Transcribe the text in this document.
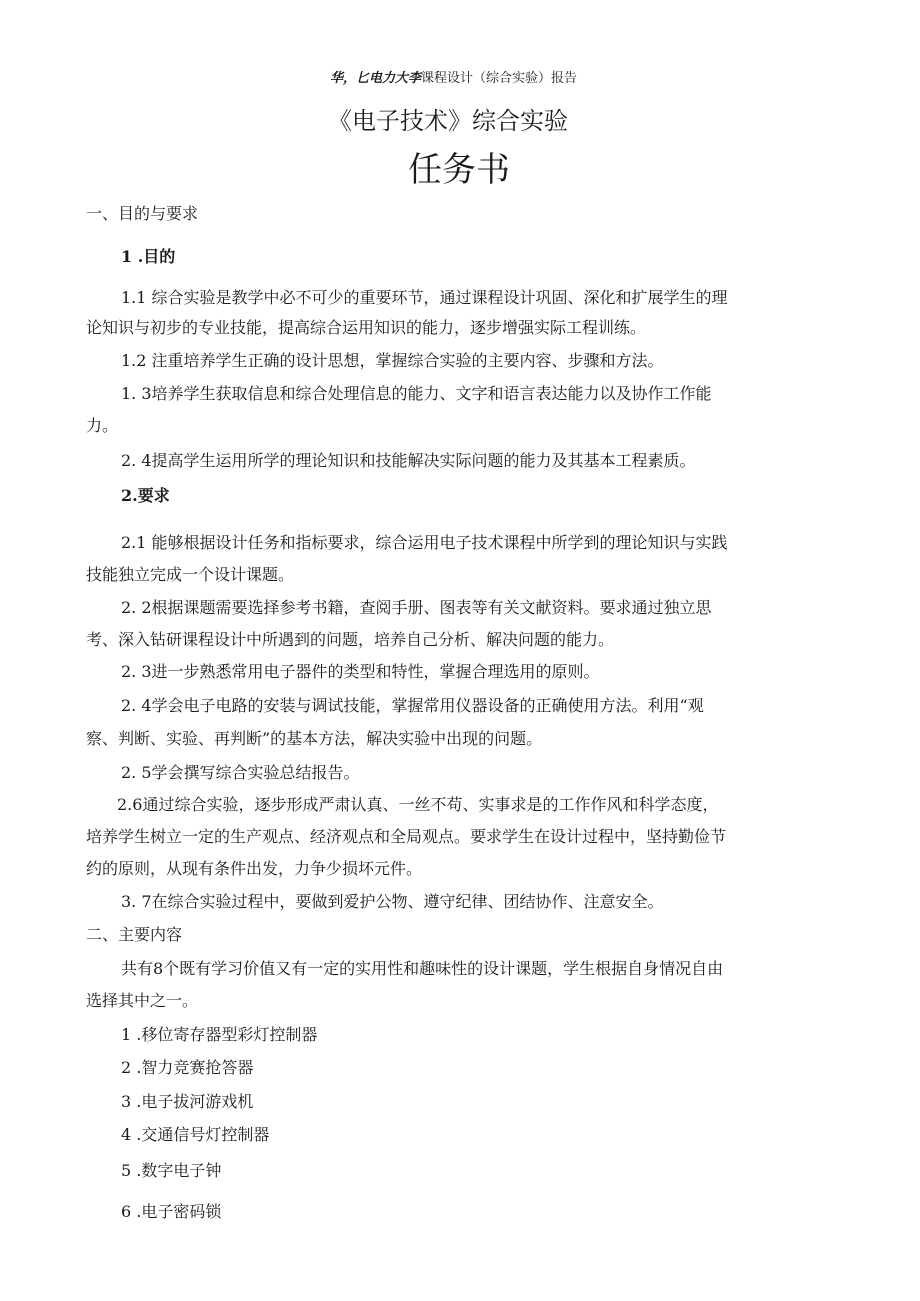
华，匕电力大李课程设计（综合实验）报告
《电子技术》综合实验
任务书
一、目的与要求
1 .目的
1.1 综合实验是教学中必不可少的重要环节，通过课程设计巩固、深化和扩展学生的理
论知识与初步的专业技能，提高综合运用知识的能力，逐步增强实际工程训练。
1.2 注重培养学生正确的设计思想，掌握综合实验的主要内容、步骤和方法。
1. 3培养学生获取信息和综合处理信息的能力、文字和语言表达能力以及协作工作能
力。
2. 4提高学生运用所学的理论知识和技能解决实际问题的能力及其基本工程素质。
2.要求
2.1 能够根据设计任务和指标要求，综合运用电子技术课程中所学到的理论知识与实践
技能独立完成一个设计课题。
2. 2根据课题需要选择参考书籍，查阅手册、图表等有关文献资料。要求通过独立思
考、深入钻研课程设计中所遇到的问题，培养自己分析、解决问题的能力。
2. 3进一步熟悉常用电子器件的类型和特性，掌握合理选用的原则。
2. 4学会电子电路的安装与调试技能，掌握常用仪器设备的正确使用方法。利用“观
察、判断、实验、再判断”的基本方法，解决实验中出现的问题。
2. 5学会撰写综合实验总结报告。
2.6通过综合实验，逐步形成严肃认真、一丝不苟、实事求是的工作作风和科学态度，
培养学生树立一定的生产观点、经济观点和全局观点。要求学生在设计过程中，坚持勤俭节
约的原则，从现有条件出发，力争少损坏元件。
3. 7在综合实验过程中，要做到爱护公物、遵守纪律、团结协作、注意安全。
二、主要内容
共有8个既有学习价值又有一定的实用性和趣味性的设计课题，学生根据自身情况自由
选择其中之一。
1 .移位寄存器型彩灯控制器
2 .智力竞赛抢答器
3 .电子拔河游戏机
4 .交通信号灯控制器
5 .数字电子钟
6 .电子密码锁
